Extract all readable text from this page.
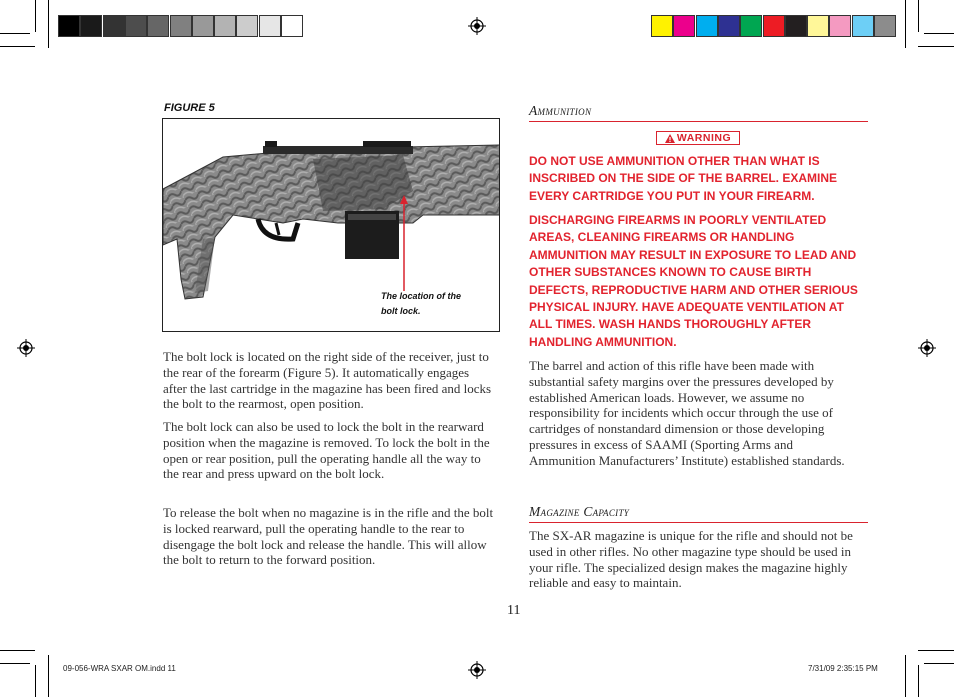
FIGURE 5
The location of the
bolt lock.

The bolt lock is located on the right side of the receiver, just to the rear of the forearm (Figure 5). It automatically engages after the last cartridge in the magazine has been fired and locks the bolt to the rearmost, open position.

The bolt lock can also be used to lock the bolt in the rearward position when the magazine is removed. To lock the bolt in the open or rear position, pull the operating handle all the way to the rear and press upward on the bolt lock.

To release the bolt when no magazine is in the rifle and the bolt is locked rearward, pull the operating handle to the rear to disengage the bolt lock and release the handle. This will allow the bolt to return to the forward position.

Ammunition
WARNING

DO NOT USE AMMUNITION OTHER THAN WHAT IS INSCRIBED ON THE SIDE OF THE BARREL. EXAMINE EVERY CARTRIDGE YOU PUT IN YOUR FIREARM.

DISCHARGING FIREARMS IN POORLY VENTILATED AREAS, CLEANING FIREARMS OR HANDLING AMMUNITION MAY RESULT IN EXPOSURE TO LEAD AND OTHER SUBSTANCES KNOWN TO CAUSE BIRTH DEFECTS, REPRODUCTIVE HARM AND OTHER SERIOUS PHYSICAL INJURY. HAVE ADEQUATE VENTILATION AT ALL TIMES. WASH HANDS THOROUGHLY AFTER HANDLING AMMUNITION.

The barrel and action of this rifle have been made with substantial safety margins over the pressures developed by established American loads. However, we assume no responsibility for incidents which occur through the use of cartridges of nonstandard dimension or those developing pressures in excess of SAAMI (Sporting Arms and Ammunition Manufacturers’ Institute) established standards.

Magazine Capacity

The SX-AR magazine is unique for the rifle and should not be used in other rifles. No other magazine type should be used in your rifle. The specialized design makes the magazine highly reliable and easy to maintain.

11
09-056-WRA SXAR OM.indd 11	7/31/09 2:35:15 PM
